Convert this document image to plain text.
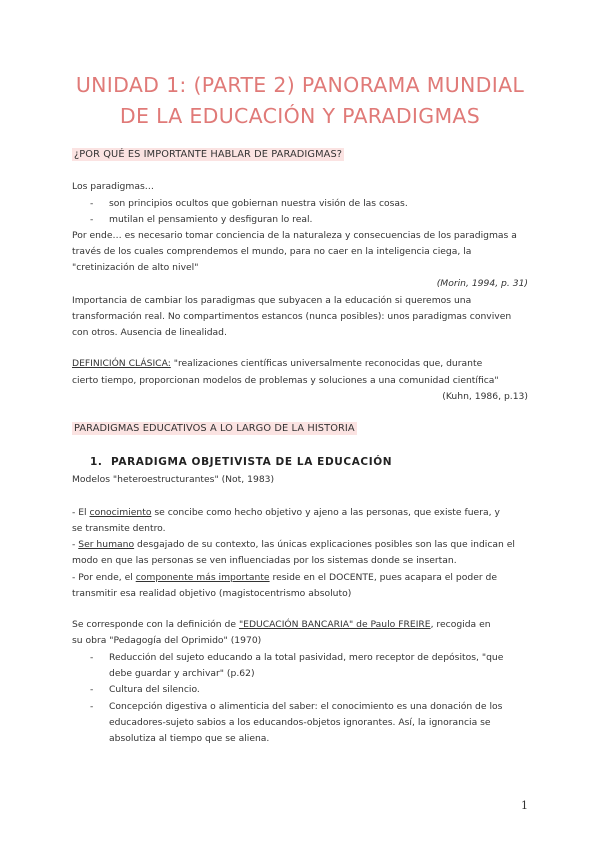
UNIDAD 1: (PARTE 2) PANORAMA MUNDIAL
DE LA EDUCACIÓN Y PARADIGMAS
¿POR QUÉ ES IMPORTANTE HABLAR DE PARADIGMAS?
Los paradigmas…
- son principios ocultos que gobiernan nuestra visión de las cosas.
- mutilan el pensamiento y desfiguran lo real.
Por ende… es necesario tomar conciencia de la naturaleza y consecuencias de los paradigmas a
través de los cuales comprendemos el mundo, para no caer en la inteligencia ciega, la
"cretinización de alto nivel"
(Morin, 1994, p. 31)
Importancia de cambiar los paradigmas que subyacen a la educación si queremos una
transformación real. No compartimentos estancos (nunca posibles): unos paradigmas conviven
con otros. Ausencia de linealidad.
DEFINICIÓN CLÁSICA: "realizaciones científicas universalmente reconocidas que, durante
cierto tiempo, proporcionan modelos de problemas y soluciones a una comunidad científica"
(Kuhn, 1986, p.13)
PARADIGMAS EDUCATIVOS A LO LARGO DE LA HISTORIA
1. PARADIGMA OBJETIVISTA DE LA EDUCACIÓN
Modelos "heteroestructurantes" (Not, 1983)
- El conocimiento se concibe como hecho objetivo y ajeno a las personas, que existe fuera, y
se transmite dentro.
- Ser humano desgajado de su contexto, las únicas explicaciones posibles son las que indican el
modo en que las personas se ven influenciadas por los sistemas donde se insertan.
- Por ende, el componente más importante reside en el DOCENTE, pues acapara el poder de
transmitir esa realidad objetivo (magistocentrismo absoluto)
Se corresponde con la definición de "EDUCACIÓN BANCARIA" de Paulo FREIRE, recogida en
su obra "Pedagogía del Oprimido" (1970)
- Reducción del sujeto educando a la total pasividad, mero receptor de depósitos, "que
debe guardar y archivar" (p.62)
- Cultura del silencio.
- Concepción digestiva o alimenticia del saber: el conocimiento es una donación de los
educadores-sujeto sabios a los educandos-objetos ignorantes. Así, la ignorancia se
absolutiza al tiempo que se aliena.
1
